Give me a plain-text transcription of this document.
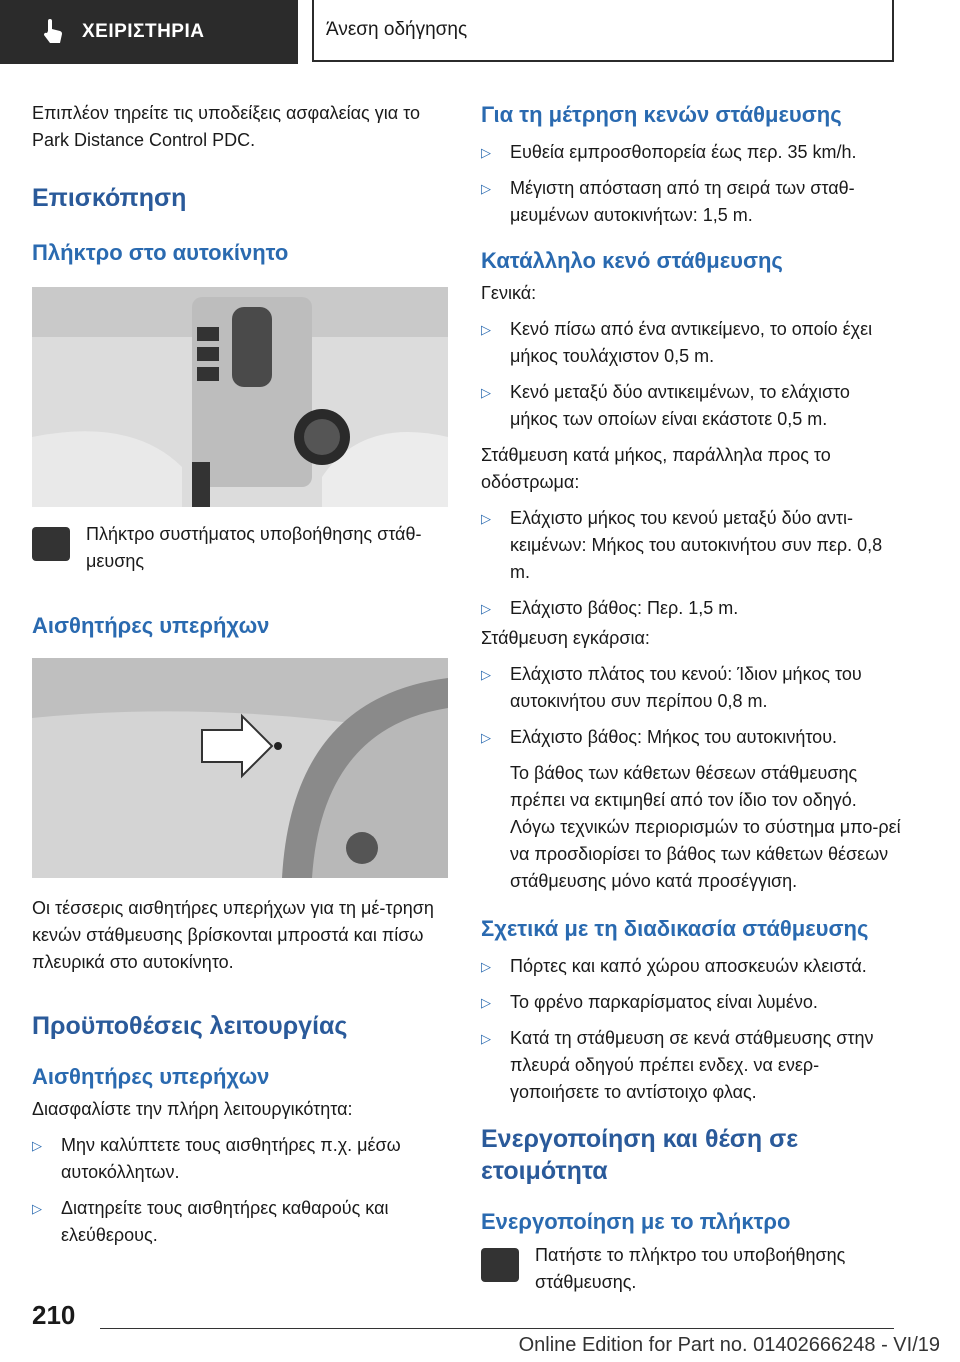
ΧΕΙΡΙΣΤΗΡΙΑ	Άνεση οδήγησης

Επιπλέον τηρείτε τις υποδείξεις ασφαλείας για το Park Distance Control PDC.

Επισκόπηση
Πλήκτρο στο αυτοκίνητο

Πλήκτρο συστήματος υποβοήθησης στάθ‐μευσης

Αισθητήρες υπερήχων

Οι τέσσερις αισθητήρες υπερήχων για τη μέ‐τρηση κενών στάθμευσης βρίσκονται μπροστά και πίσω πλευρικά στο αυτοκίνητο.

Προϋποθέσεις λειτουργίας
Αισθητήρες υπερήχων

Διασφαλίστε την πλήρη λειτουργικότητα:

▷ Μην καλύπτετε τους αισθητήρες π.χ. μέσω αυτοκόλλητων.
▷ Διατηρείτε τους αισθητήρες καθαρούς και ελεύθερους.
Για τη μέτρηση κενών στάθμευσης
▷ Ευθεία εμπροσθοπορεία έως περ. 35 km/h.
▷ Μέγιστη απόσταση από τη σειρά των σταθ‐μευμένων αυτοκινήτων: 1,5 m.
Κατάλληλο κενό στάθμευσης

Γενικά:

▷ Κενό πίσω από ένα αντικείμενο, το οποίο έχει μήκος τουλάχιστον 0,5 m.
▷ Κενό μεταξύ δύο αντικειμένων, το ελάχιστο μήκος των οποίων είναι εκάστοτε 0,5 m.

Στάθμευση κατά μήκος, παράλληλα προς το οδόστρωμα:

▷ Ελάχιστο μήκος του κενού μεταξύ δύο αντι‐κειμένων: Μήκος του αυτοκινήτου συν περ. 0,8 m.
▷ Ελάχιστο βάθος: Περ. 1,5 m.

Στάθμευση εγκάρσια:

▷ Ελάχιστο πλάτος του κενού: Ίδιον μήκος του αυτοκινήτου συν περίπου 0,8 m.
▷ Ελάχιστο βάθος: Μήκος του αυτοκινήτου.

Το βάθος των κάθετων θέσεων στάθμευσης πρέπει να εκτιμηθεί από τον ίδιο τον οδηγό. Λόγω τεχνικών περιορισμών το σύστημα μπο‐ρεί να προσδιορίσει το βάθος των κάθετων θέσεων στάθμευσης μόνο κατά προσέγγιση.

Σχετικά με τη διαδικασία στάθμευσης
▷ Πόρτες και καπό χώρου αποσκευών κλειστά.
▷ Το φρένο παρκαρίσματος είναι λυμένο.
▷ Κατά τη στάθμευση σε κενά στάθμευσης στην πλευρά οδηγού πρέπει ενδεχ. να ενερ‐γοποιήσετε το αντίστοιχο φλας.
Ενεργοποίηση και θέση σε ετοιμότητα
Ενεργοποίηση με το πλήκτρο

Πατήστε το πλήκτρο του υποβοήθησης στάθμευσης.

210
Online Edition for Part no. 01402666248 - VI/19
